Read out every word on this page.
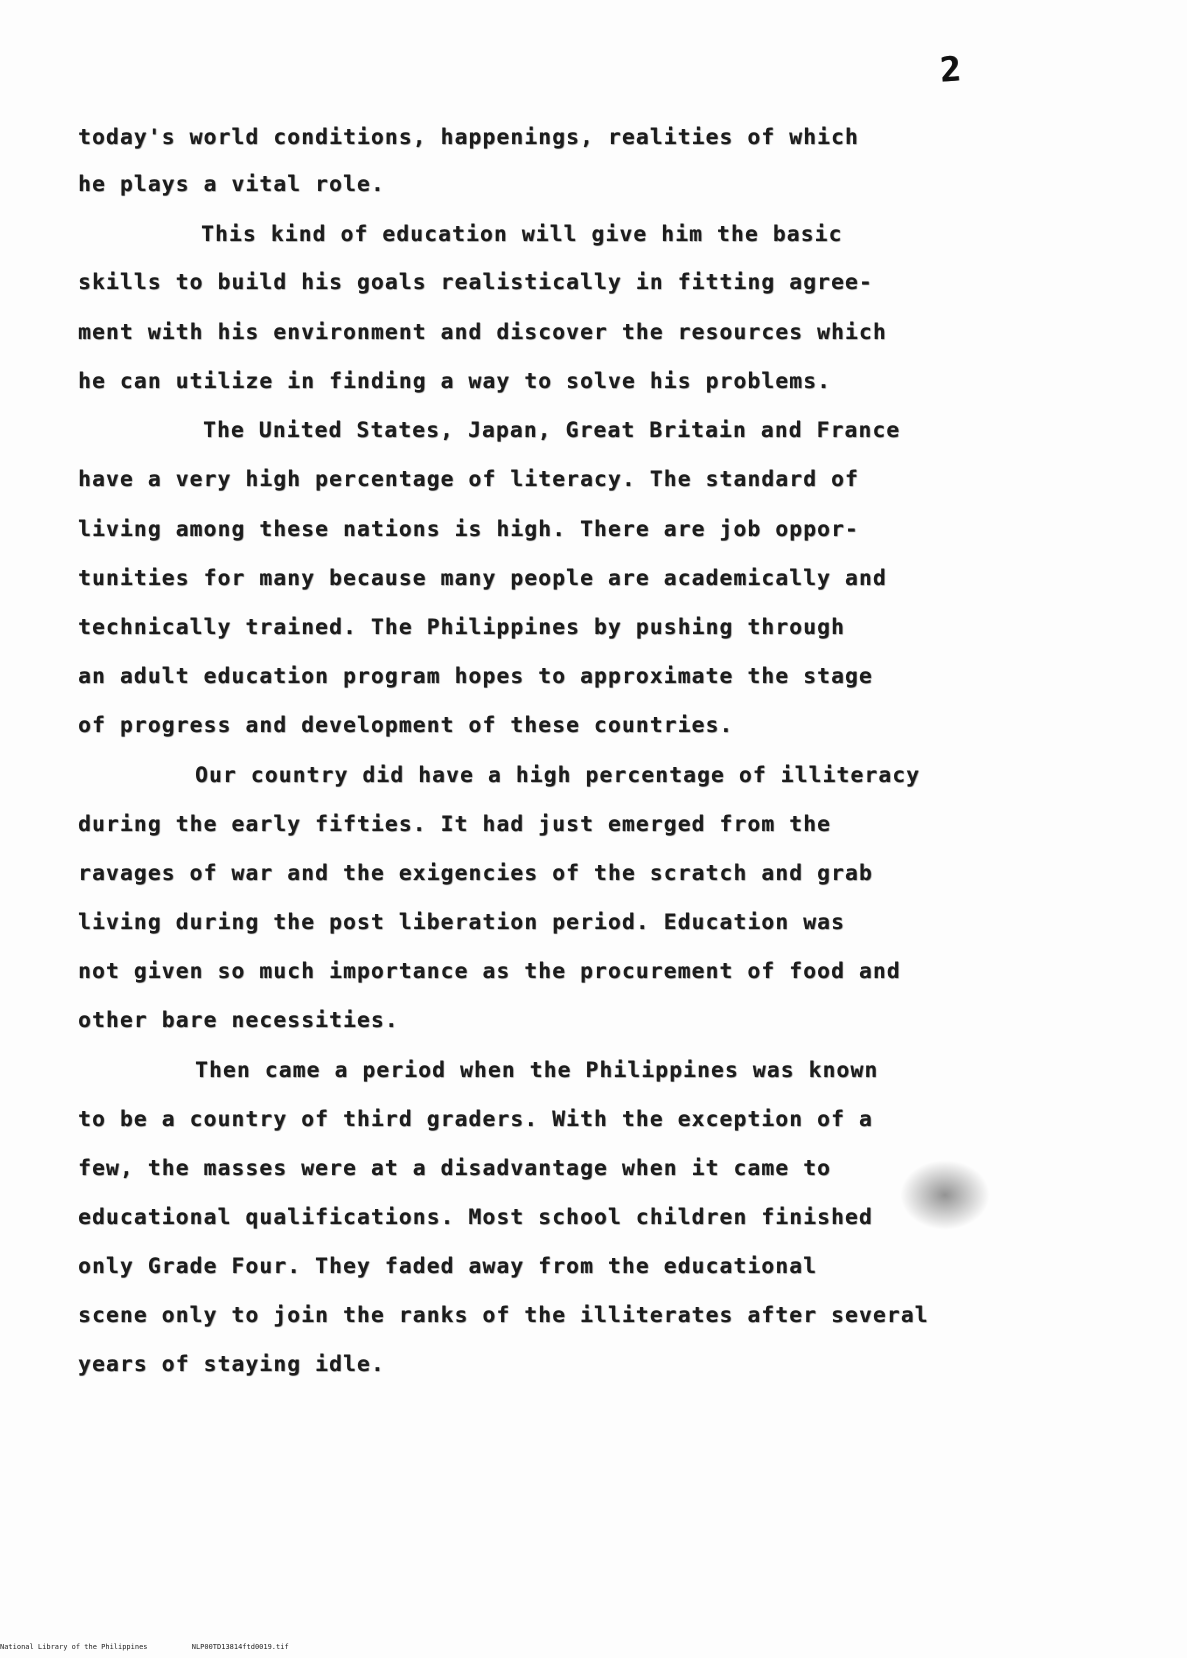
2
today's world conditions, happenings, realities of which
he plays a vital role.
This kind of education will give him the basic
skills to build his goals realistically in fitting agree-
ment with his environment and discover the resources which
he can utilize in finding a way to solve his problems.
The United States, Japan, Great Britain and France
have a very high percentage of literacy. The standard of
living among these nations is high. There are job oppor-
tunities for many because many people are academically and
technically trained. The Philippines by pushing through
an adult education program hopes to approximate the stage
of progress and development of these countries.
Our country did have a high percentage of illiteracy
during the early fifties. It had just emerged from the
ravages of war and the exigencies of the scratch and grab
living during the post liberation period. Education was
not given so much importance as the procurement of food and
other bare necessities.
Then came a period when the Philippines was known
to be a country of third graders. With the exception of a
few, the masses were at a disadvantage when it came to
educational qualifications. Most school children finished
only Grade Four. They faded away from the educational
scene only to join the ranks of the illiterates after several
years of staying idle.
National Library of the Philippines	NLP00TD13814ftd0019.tif
